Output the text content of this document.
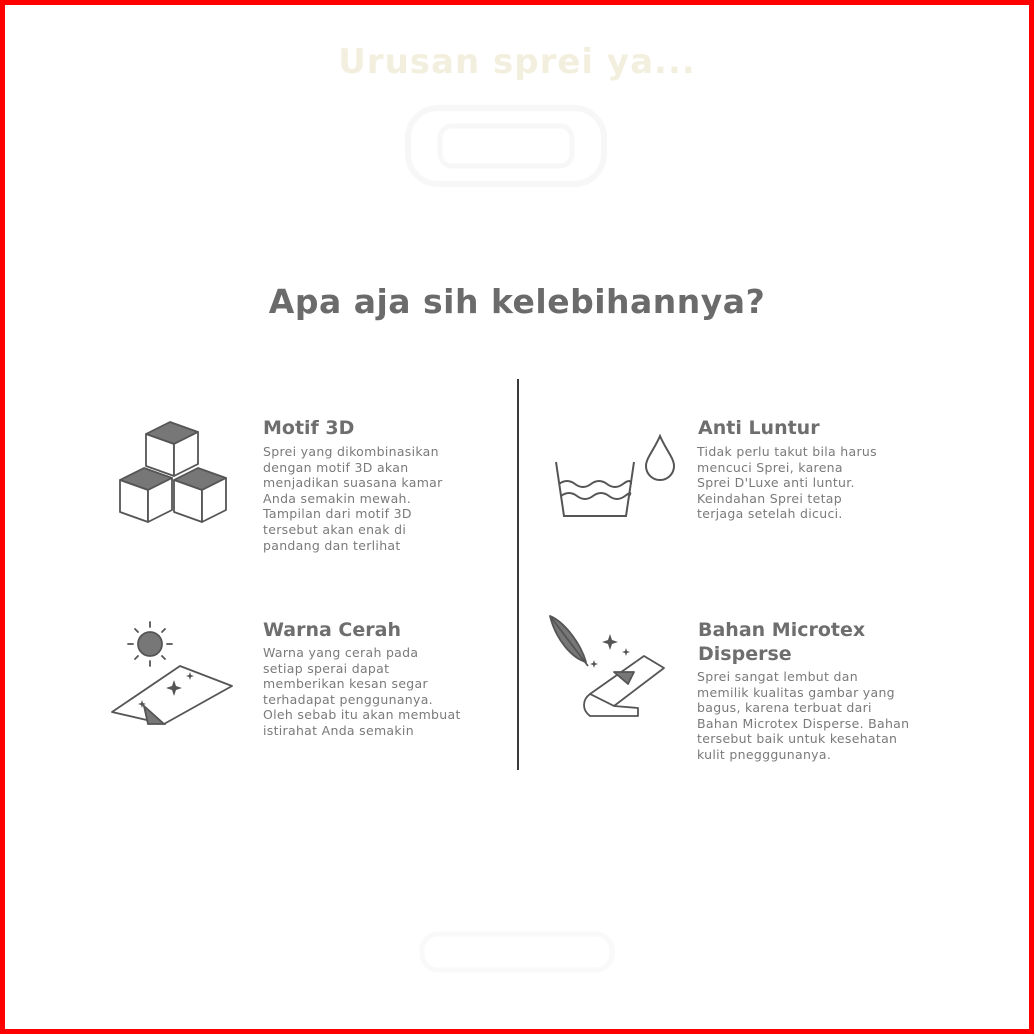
Urusan sprei ya...
Apa aja sih kelebihannya?
Motif 3D
Sprei yang dikombinasikan
dengan motif 3D akan
menjadikan suasana kamar
Anda semakin mewah.
Tampilan dari motif 3D
tersebut akan enak di
pandang dan terlihat
Anti Luntur
Tidak perlu takut bila harus
mencuci Sprei, karena
Sprei D'Luxe anti luntur.
Keindahan Sprei tetap
terjaga setelah dicuci.
Warna Cerah
Warna yang cerah pada
setiap sperai dapat
memberikan kesan segar
terhadapat penggunanya.
Oleh sebab itu akan membuat
istirahat Anda semakin
Bahan Microtex
Disperse
Sprei sangat lembut dan
memilik kualitas gambar yang
bagus, karena terbuat dari
Bahan Microtex Disperse. Bahan
tersebut baik untuk kesehatan
kulit pnegggunanya.
